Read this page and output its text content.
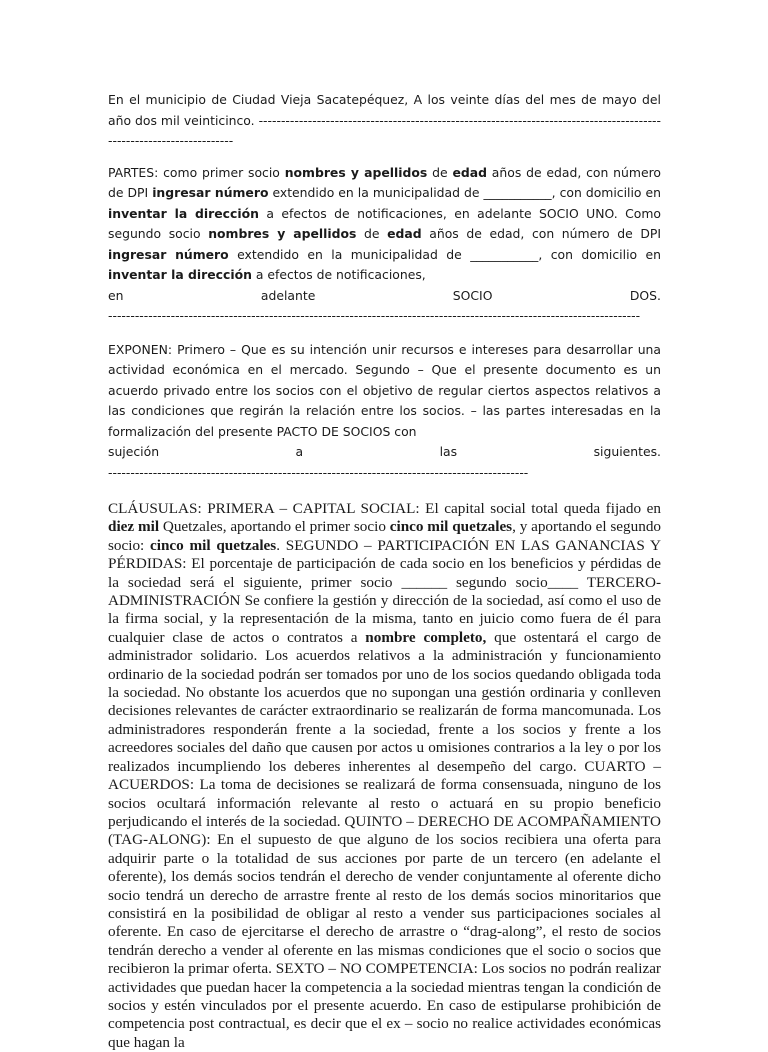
En el municipio de Ciudad Vieja Sacatepéquez, A los veinte días del mes de mayo del año dos mil veinticinco. ----------------------------------------------------------------------------------------------------------------------

PARTES: como primer socio nombres y apellidos de edad años de edad, con número de DPI ingresar número extendido en la municipalidad de ___________, con domicilio en inventar la dirección a efectos de notificaciones, en adelante SOCIO UNO. Como segundo socio nombres y apellidos de edad años de edad, con número de DPI ingresar número extendido en la municipalidad de ___________, con domicilio en inventar la dirección a efectos de notificaciones,
en adelante SOCIO DOS.
-----------------------------------------------------------------------------------------------------------------------

EXPONEN: Primero – Que es su intención unir recursos e intereses para desarrollar una actividad económica en el mercado. Segundo – Que el presente documento es un acuerdo privado entre los socios con el objetivo de regular ciertos aspectos relativos a las condiciones que regirán la relación entre los socios. – las partes interesadas en la formalización del presente PACTO DE SOCIOS con
sujeción a las siguientes.
----------------------------------------------------------------------------------------------

CLÁUSULAS: PRIMERA – CAPITAL SOCIAL: El capital social total queda fijado en diez mil Quetzales, aportando el primer socio cinco mil quetzales, y aportando el segundo socio: cinco mil quetzales. SEGUNDO – PARTICIPACIÓN EN LAS GANANCIAS Y PÉRDIDAS: El porcentaje de participación de cada socio en los beneficios y pérdidas de la sociedad será el siguiente, primer socio ______ segundo socio____ TERCERO- ADMINISTRACIÓN Se confiere la gestión y dirección de la sociedad, así como el uso de la firma social, y la representación de la misma, tanto en juicio como fuera de él para cualquier clase de actos o contratos a nombre completo, que ostentará el cargo de administrador solidario. Los acuerdos relativos a la administración y funcionamiento ordinario de la sociedad podrán ser tomados por uno de los socios quedando obligada toda la sociedad. No obstante los acuerdos que no supongan una gestión ordinaria y conlleven decisiones relevantes de carácter extraordinario se realizarán de forma mancomunada. Los administradores responderán frente a la sociedad, frente a los socios y frente a los acreedores sociales del daño que causen por actos u omisiones contrarios a la ley o por los realizados incumpliendo los deberes inherentes al desempeño del cargo. CUARTO – ACUERDOS: La toma de decisiones se realizará de forma consensuada, ninguno de los socios ocultará información relevante al resto o actuará en su propio beneficio perjudicando el interés de la sociedad. QUINTO – DERECHO DE ACOMPAÑAMIENTO (TAG-ALONG): En el supuesto de que alguno de los socios recibiera una oferta para adquirir parte o la totalidad de sus acciones por parte de un tercero (en adelante el oferente), los demás socios tendrán el derecho de vender conjuntamente al oferente dicho socio tendrá un derecho de arrastre frente al resto de los demás socios minoritarios que consistirá en la posibilidad de obligar al resto a vender sus participaciones sociales al oferente. En caso de ejercitarse el derecho de arrastre o “drag-along”, el resto de socios tendrán derecho a vender al oferente en las mismas condiciones que el socio o socios que recibieron la primar oferta. SEXTO – NO COMPETENCIA: Los socios no podrán realizar actividades que puedan hacer la competencia a la sociedad mientras tengan la condición de socios y estén vinculados por el presente acuerdo. En caso de estipularse prohibición de competencia post contractual, es decir que el ex – socio no realice actividades económicas que hagan la
